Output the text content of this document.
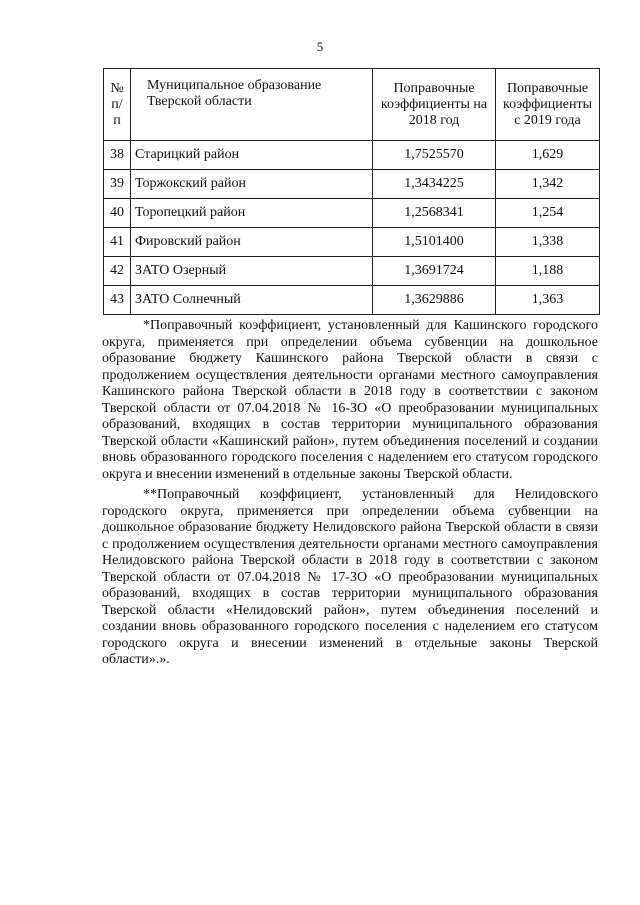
5
№ п/п	Муниципальное образование Тверской области	Поправочные коэффициенты на 2018 год	Поправочные коэффициенты с 2019 года
38	Старицкий район	1,7525570	1,629
39	Торжокский район	1,3434225	1,342
40	Торопецкий район	1,2568341	1,254
41	Фировский район	1,5101400	1,338
42	ЗАТО Озерный	1,3691724	1,188
43	ЗАТО Солнечный	1,3629886	1,363

*Поправочный коэффициент, установленный для Кашинского городского округа, применяется при определении объема субвенции на дошкольное образование бюджету Кашинского района Тверской области в связи с продолжением осуществления деятельности органами местного самоуправления Кашинского района Тверской области в 2018 году в соответствии с законом Тверской области от 07.04.2018 № 16-ЗО «О преобразовании муниципальных образований, входящих в состав территории муниципального образования Тверской области «Кашинский район», путем объединения поселений и создании вновь образованного городского поселения с наделением его статусом городского округа и внесении изменений в отдельные законы Тверской области.

**Поправочный коэффициент, установленный для Нелидовского городского округа, применяется при определении объема субвенции на дошкольное образование бюджету Нелидовского района Тверской области в связи с продолжением осуществления деятельности органами местного самоуправления Нелидовского района Тверской области в 2018 году в соответствии с законом Тверской области от 07.04.2018 № 17-ЗО «О преобразовании муниципальных образований, входящих в состав территории муниципального образования Тверской области «Нелидовский район», путем объединения поселений и создании вновь образованного городского поселения с наделением его статусом городского округа и внесении изменений в отдельные законы Тверской области».».
